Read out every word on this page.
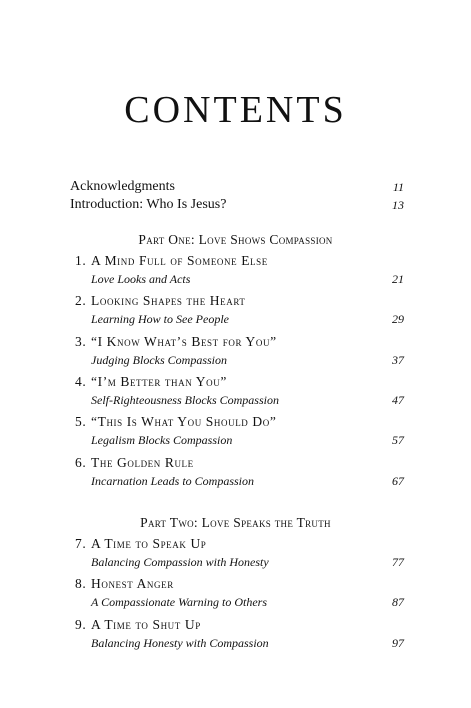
CONTENTS
Acknowledgments	11
Introduction: Who Is Jesus?	13
Part One: Love Shows Compassion
1. A Mind Full of Someone Else
Love Looks and Acts	21
2. Looking Shapes the Heart
Learning How to See People	29
3. “I Know What’s Best for You”
Judging Blocks Compassion	37
4. “I’m Better than You”
Self-Righteousness Blocks Compassion	47
5. “This Is What You Should Do”
Legalism Blocks Compassion	57
6. The Golden Rule
Incarnation Leads to Compassion	67
Part Two: Love Speaks the Truth
7. A Time to Speak Up
Balancing Compassion with Honesty	77
8. Honest Anger
A Compassionate Warning to Others	87
9. A Time to Shut Up
Balancing Honesty with Compassion	97
